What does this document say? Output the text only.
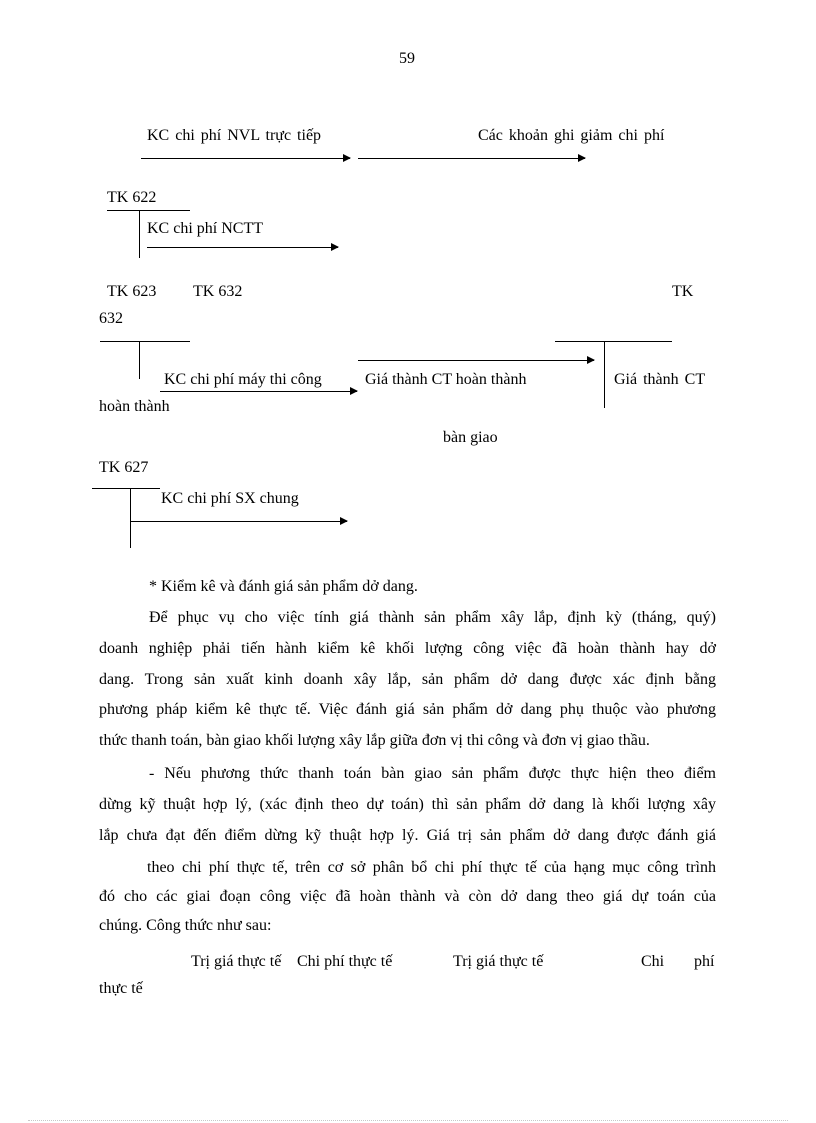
59
KC chi phí NVL trực tiếp	Các khoản ghi giảm chi phí
TK 622
KC chi phí NCTT
TK 623 TK 632	TK
632
KC chi phí máy thi công	Giá thành CT hoàn thành	Giá thành CT
hoàn thành
bàn giao
TK 627
KC chi phí SX chung
* Kiểm kê và đánh giá sản phẩm dở dang.
Để phục vụ cho việc tính giá thành sản phẩm xây lắp, định kỳ (tháng, quý)
doanh nghiệp phải tiến hành kiểm kê khối lượng công việc đã hoàn thành hay dở
dang. Trong sản xuất kinh doanh xây lắp, sản phẩm dở dang được xác định bằng
phương pháp kiểm kê thực tế. Việc đánh giá sản phẩm dở dang phụ thuộc vào phương
thức thanh toán, bàn giao khối lượng xây lắp giữa đơn vị thi công và đơn vị giao thầu.
- Nếu phương thức thanh toán bàn giao sản phẩm được thực hiện theo điểm
dừng kỹ thuật hợp lý, (xác định theo dự toán) thì sản phẩm dở dang là khối lượng xây
lắp chưa đạt đến điểm dừng kỹ thuật hợp lý. Giá trị sản phẩm dở dang được đánh giá
theo chi phí thực tế, trên cơ sở phân bổ chi phí thực tế của hạng mục công trình
đó cho các giai đoạn công việc đã hoàn thành và còn dở dang theo giá dự toán của
chúng. Công thức như sau:
Trị giá thực tế Chi phí thực tế	Trị giá thực tế	Chi phí
thực tế
